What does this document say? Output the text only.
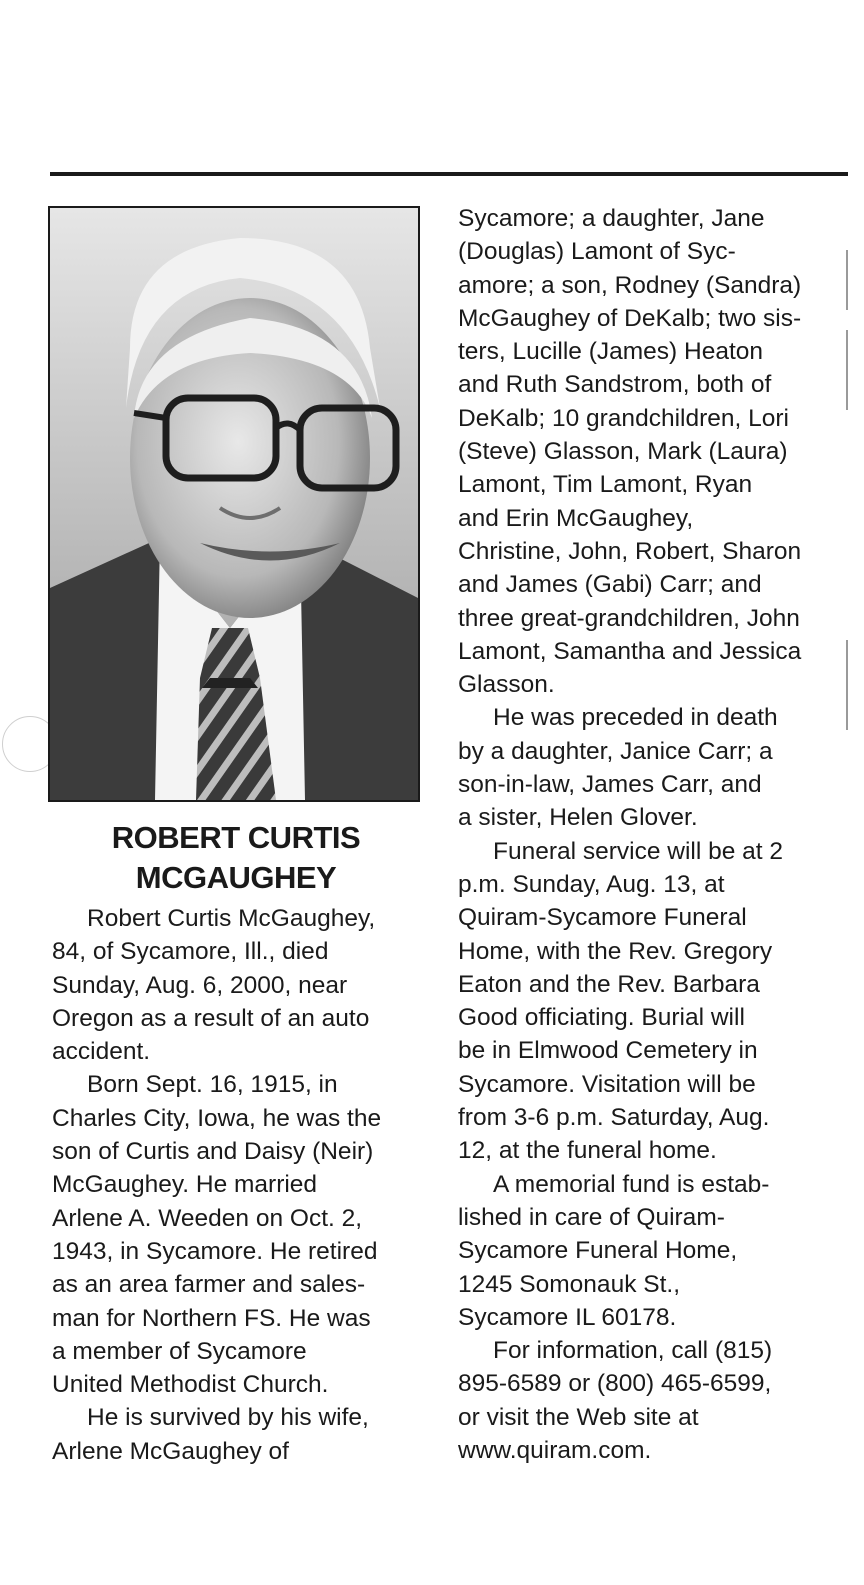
ROBERT CURTIS
MCGAUGHEY

Robert Curtis McGaughey,
84, of Sycamore, Ill., died
Sunday, Aug. 6, 2000, near
Oregon as a result of an auto
accident.

Born Sept. 16, 1915, in
Charles City, Iowa, he was the
son of Curtis and Daisy (Neir)
McGaughey. He married
Arlene A. Weeden on Oct. 2,
1943, in Sycamore. He retired
as an area farmer and sales-
man for Northern FS. He was
a member of Sycamore
United Methodist Church.

He is survived by his wife,
Arlene McGaughey of

Sycamore; a daughter, Jane
(Douglas) Lamont of Syc-
amore; a son, Rodney (Sandra)
McGaughey of DeKalb; two sis-
ters, Lucille (James) Heaton
and Ruth Sandstrom, both of
DeKalb; 10 grandchildren, Lori
(Steve) Glasson, Mark (Laura)
Lamont, Tim Lamont, Ryan
and Erin McGaughey,
Christine, John, Robert, Sharon
and James (Gabi) Carr; and
three great-grandchildren, John
Lamont, Samantha and Jessica
Glasson.

He was preceded in death
by a daughter, Janice Carr; a
son-in-law, James Carr, and
a sister, Helen Glover.

Funeral service will be at 2
p.m. Sunday, Aug. 13, at
Quiram-Sycamore Funeral
Home, with the Rev. Gregory
Eaton and the Rev. Barbara
Good officiating. Burial will
be in Elmwood Cemetery in
Sycamore. Visitation will be
from 3-6 p.m. Saturday, Aug.
12, at the funeral home.

A memorial fund is estab-
lished in care of Quiram-
Sycamore Funeral Home,
1245 Somonauk St.,
Sycamore IL 60178.

For information, call (815)
895-6589 or (800) 465-6599,
or visit the Web site at
www.quiram.com.
